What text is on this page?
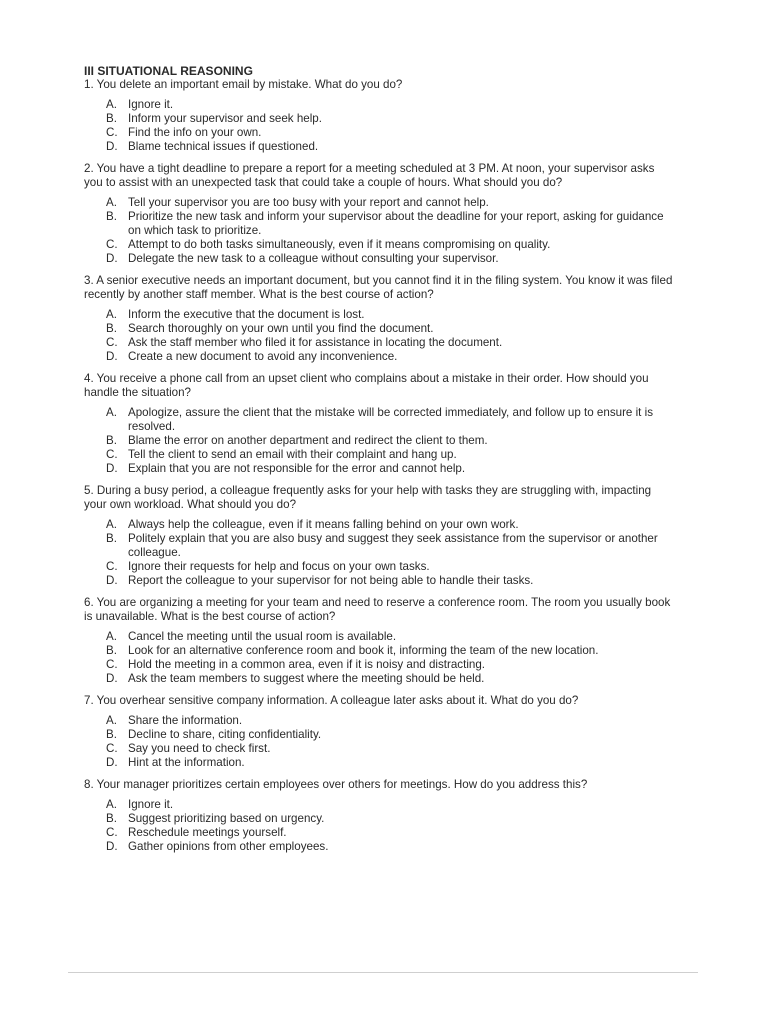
III SITUATIONAL REASONING

1. You delete an important email by mistake. What do you do?

A. Ignore it.
B. Inform your supervisor and seek help.
C. Find the info on your own.
D. Blame technical issues if questioned.

2. You have a tight deadline to prepare a report for a meeting scheduled at 3 PM. At noon, your supervisor asks you to assist with an unexpected task that could take a couple of hours. What should you do?

A. Tell your supervisor you are too busy with your report and cannot help.
B. Prioritize the new task and inform your supervisor about the deadline for your report, asking for guidance on which task to prioritize.
C. Attempt to do both tasks simultaneously, even if it means compromising on quality.
D. Delegate the new task to a colleague without consulting your supervisor.

3. A senior executive needs an important document, but you cannot find it in the filing system. You know it was filed recently by another staff member. What is the best course of action?

A. Inform the executive that the document is lost.
B. Search thoroughly on your own until you find the document.
C. Ask the staff member who filed it for assistance in locating the document.
D. Create a new document to avoid any inconvenience.

4. You receive a phone call from an upset client who complains about a mistake in their order. How should you handle the situation?

A. Apologize, assure the client that the mistake will be corrected immediately, and follow up to ensure it is resolved.
B. Blame the error on another department and redirect the client to them.
C. Tell the client to send an email with their complaint and hang up.
D. Explain that you are not responsible for the error and cannot help.

5. During a busy period, a colleague frequently asks for your help with tasks they are struggling with, impacting your own workload. What should you do?

A. Always help the colleague, even if it means falling behind on your own work.
B. Politely explain that you are also busy and suggest they seek assistance from the supervisor or another colleague.
C. Ignore their requests for help and focus on your own tasks.
D. Report the colleague to your supervisor for not being able to handle their tasks.

6. You are organizing a meeting for your team and need to reserve a conference room. The room you usually book is unavailable. What is the best course of action?

A. Cancel the meeting until the usual room is available.
B. Look for an alternative conference room and book it, informing the team of the new location.
C. Hold the meeting in a common area, even if it is noisy and distracting.
D. Ask the team members to suggest where the meeting should be held.

7. You overhear sensitive company information. A colleague later asks about it. What do you do?

A. Share the information.
B. Decline to share, citing confidentiality.
C. Say you need to check first.
D. Hint at the information.

8. Your manager prioritizes certain employees over others for meetings. How do you address this?

A. Ignore it.
B. Suggest prioritizing based on urgency.
C. Reschedule meetings yourself.
D. Gather opinions from other employees.
